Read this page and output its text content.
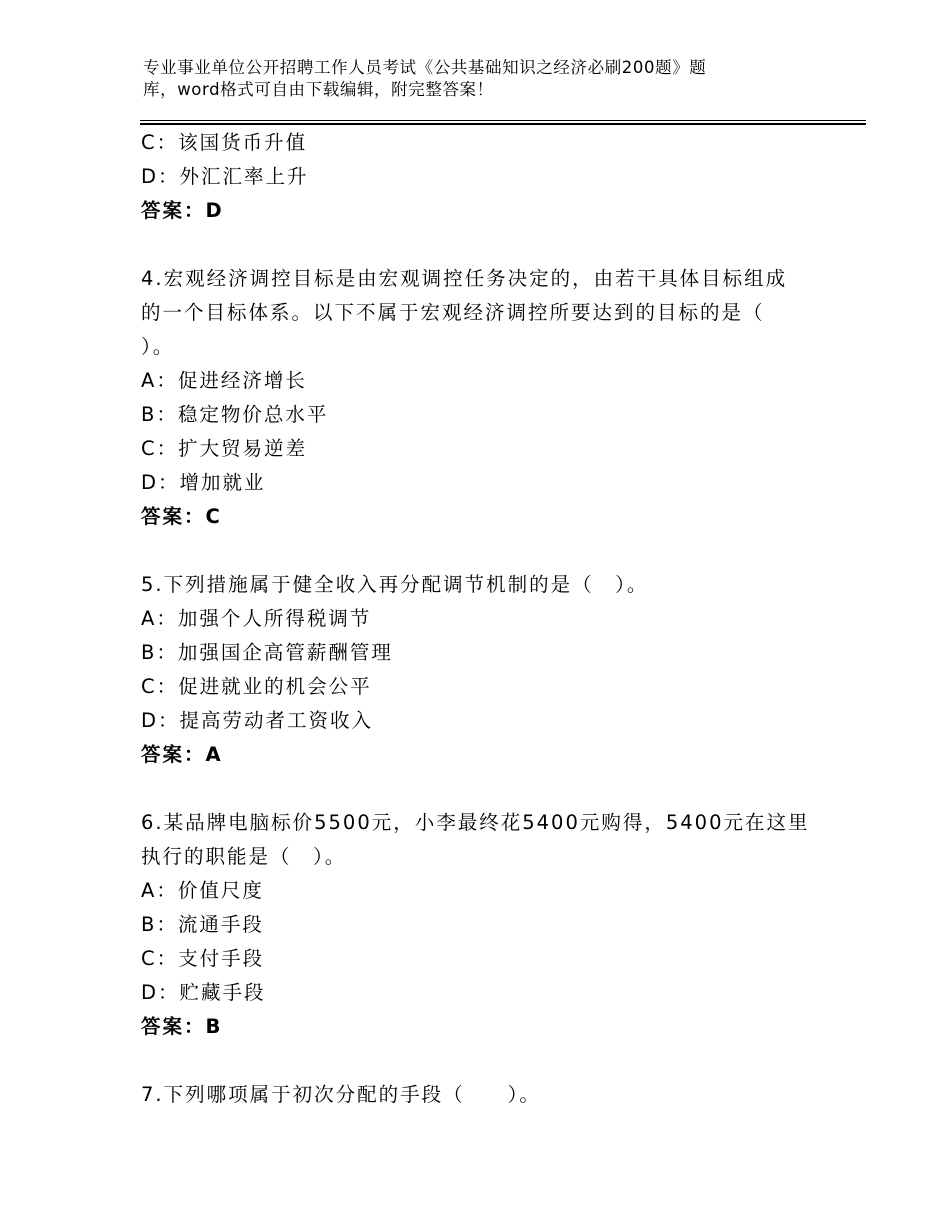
专业事业单位公开招聘工作人员考试《公共基础知识之经济必刷200题》题
库，word格式可自由下载编辑，附完整答案！
C：该国货币升值
D：外汇汇率上升
答案：D
4.宏观经济调控目标是由宏观调控任务决定的，由若干具体目标组成
的一个目标体系。以下不属于宏观经济调控所要达到的目标的是（
）。
A：促进经济增长
B：稳定物价总水平
C：扩大贸易逆差
D：增加就业
答案：C
5.下列措施属于健全收入再分配调节机制的是（　）。
A：加强个人所得税调节
B：加强国企高管薪酬管理
C：促进就业的机会公平
D：提高劳动者工资收入
答案：A
6.某品牌电脑标价5500元，小李最终花5400元购得，5400元在这里
执行的职能是（　）。
A：价值尺度
B：流通手段
C：支付手段
D：贮藏手段
答案：B
7.下列哪项属于初次分配的手段（　　）。
